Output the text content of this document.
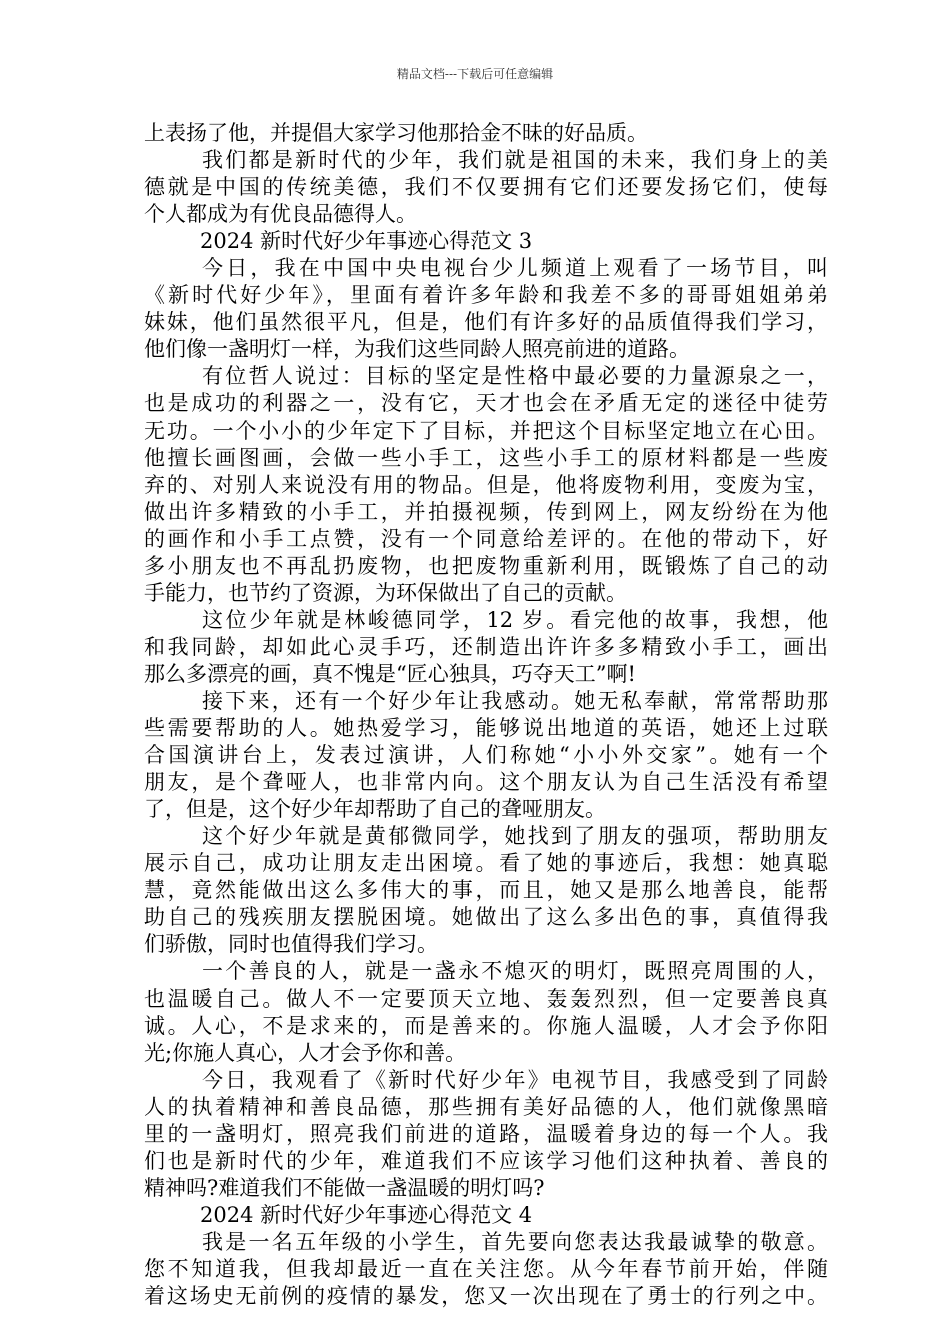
精品文档---下载后可任意编辑
上表扬了他，并提倡大家学习他那拾金不昧的好品质。
我们都是新时代的少年，我们就是祖国的未来，我们身上的美
德就是中国的传统美德，我们不仅要拥有它们还要发扬它们，使每
个人都成为有优良品德得人。
2024 新时代好少年事迹心得范文 3
今日，我在中国中央电视台少儿频道上观看了一场节目，叫
《新时代好少年》，里面有着许多年龄和我差不多的哥哥姐姐弟弟
妹妹，他们虽然很平凡，但是，他们有许多好的品质值得我们学习，
他们像一盏明灯一样，为我们这些同龄人照亮前进的道路。
有位哲人说过：目标的坚定是性格中最必要的力量源泉之一，
也是成功的利器之一，没有它，天才也会在矛盾无定的迷径中徒劳
无功。一个小小的少年定下了目标，并把这个目标坚定地立在心田。
他擅长画图画，会做一些小手工，这些小手工的原材料都是一些废
弃的、对别人来说没有用的物品。但是，他将废物利用，变废为宝，
做出许多精致的小手工，并拍摄视频，传到网上，网友纷纷在为他
的画作和小手工点赞，没有一个同意给差评的。在他的带动下，好
多小朋友也不再乱扔废物，也把废物重新利用，既锻炼了自己的动
手能力，也节约了资源，为环保做出了自己的贡献。
这位少年就是林峻德同学，12 岁。看完他的故事，我想，他
和我同龄，却如此心灵手巧，还制造出许许多多精致小手工，画出
那么多漂亮的画，真不愧是“匠心独具，巧夺天工”啊!
接下来，还有一个好少年让我感动。她无私奉献，常常帮助那
些需要帮助的人。她热爱学习，能够说出地道的英语，她还上过联
合国演讲台上，发表过演讲，人们称她“小小外交家”。她有一个
朋友，是个聋哑人，也非常内向。这个朋友认为自己生活没有希望
了，但是，这个好少年却帮助了自己的聋哑朋友。
这个好少年就是黄郁微同学，她找到了朋友的强项，帮助朋友
展示自己，成功让朋友走出困境。看了她的事迹后，我想：她真聪
慧，竟然能做出这么多伟大的事，而且，她又是那么地善良，能帮
助自己的残疾朋友摆脱困境。她做出了这么多出色的事，真值得我
们骄傲，同时也值得我们学习。
一个善良的人，就是一盏永不熄灭的明灯，既照亮周围的人，
也温暖自己。做人不一定要顶天立地、轰轰烈烈，但一定要善良真
诚。人心，不是求来的，而是善来的。你施人温暖，人才会予你阳
光;你施人真心，人才会予你和善。
今日，我观看了《新时代好少年》电视节目，我感受到了同龄
人的执着精神和善良品德，那些拥有美好品德的人，他们就像黑暗
里的一盏明灯，照亮我们前进的道路，温暖着身边的每一个人。我
们也是新时代的少年，难道我们不应该学习他们这种执着、善良的
精神吗?难道我们不能做一盏温暖的明灯吗?
2024 新时代好少年事迹心得范文 4
我是一名五年级的小学生，首先要向您表达我最诚挚的敬意。
您不知道我，但我却最近一直在关注您。从今年春节前开始，伴随
着这场史无前例的疫情的暴发，您又一次出现在了勇士的行列之中。
